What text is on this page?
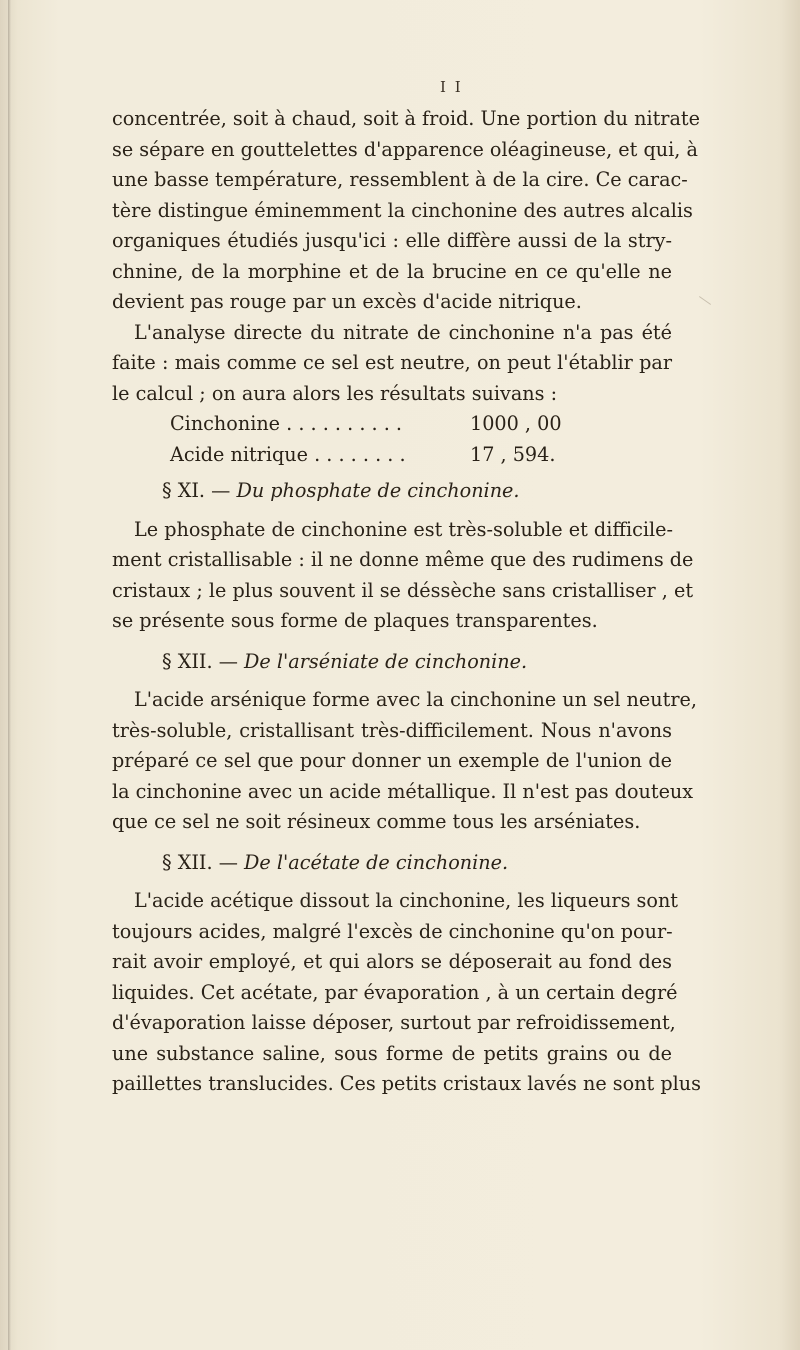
I I
concentrée, soit à chaud, soit à froid. Une portion du nitrate
se sépare en gouttelettes d'apparence oléagineuse, et qui, à
une basse température, ressemblent à de la cire. Ce carac-
tère distingue éminemment la cinchonine des autres alcalis
organiques étudiés jusqu'ici : elle diffère aussi de la stry-
chnine, de la morphine et de la brucine en ce qu'elle ne
devient pas rouge par un excès d'acide nitrique.
L'analyse directe du nitrate de cinchonine n'a pas été
faite : mais comme ce sel est neutre, on peut l'établir par
le calcul ; on aura alors les résultats suivans :
Cinchonine . . . . . . . . . .	1000 , 00
Acide nitrique . . . . . . . .	17 , 594.
§ XI. — Du phosphate de cinchonine.
Le phosphate de cinchonine est très-soluble et difficile-
ment cristallisable : il ne donne même que des rudimens de
cristaux ; le plus souvent il se déssèche sans cristalliser , et
se présente sous forme de plaques transparentes.
§ XII. — De l'arséniate de cinchonine.
L'acide arsénique forme avec la cinchonine un sel neutre,
très-soluble, cristallisant très-difficilement. Nous n'avons
préparé ce sel que pour donner un exemple de l'union de
la cinchonine avec un acide métallique. Il n'est pas douteux
que ce sel ne soit résineux comme tous les arséniates.
§ XII. — De l'acétate de cinchonine.
L'acide acétique dissout la cinchonine, les liqueurs sont
toujours acides, malgré l'excès de cinchonine qu'on pour-
rait avoir employé, et qui alors se déposerait au fond des
liquides. Cet acétate, par évaporation , à un certain degré
d'évaporation laisse déposer, surtout par refroidissement,
une substance saline, sous forme de petits grains ou de
paillettes translucides. Ces petits cristaux lavés ne sont plus
